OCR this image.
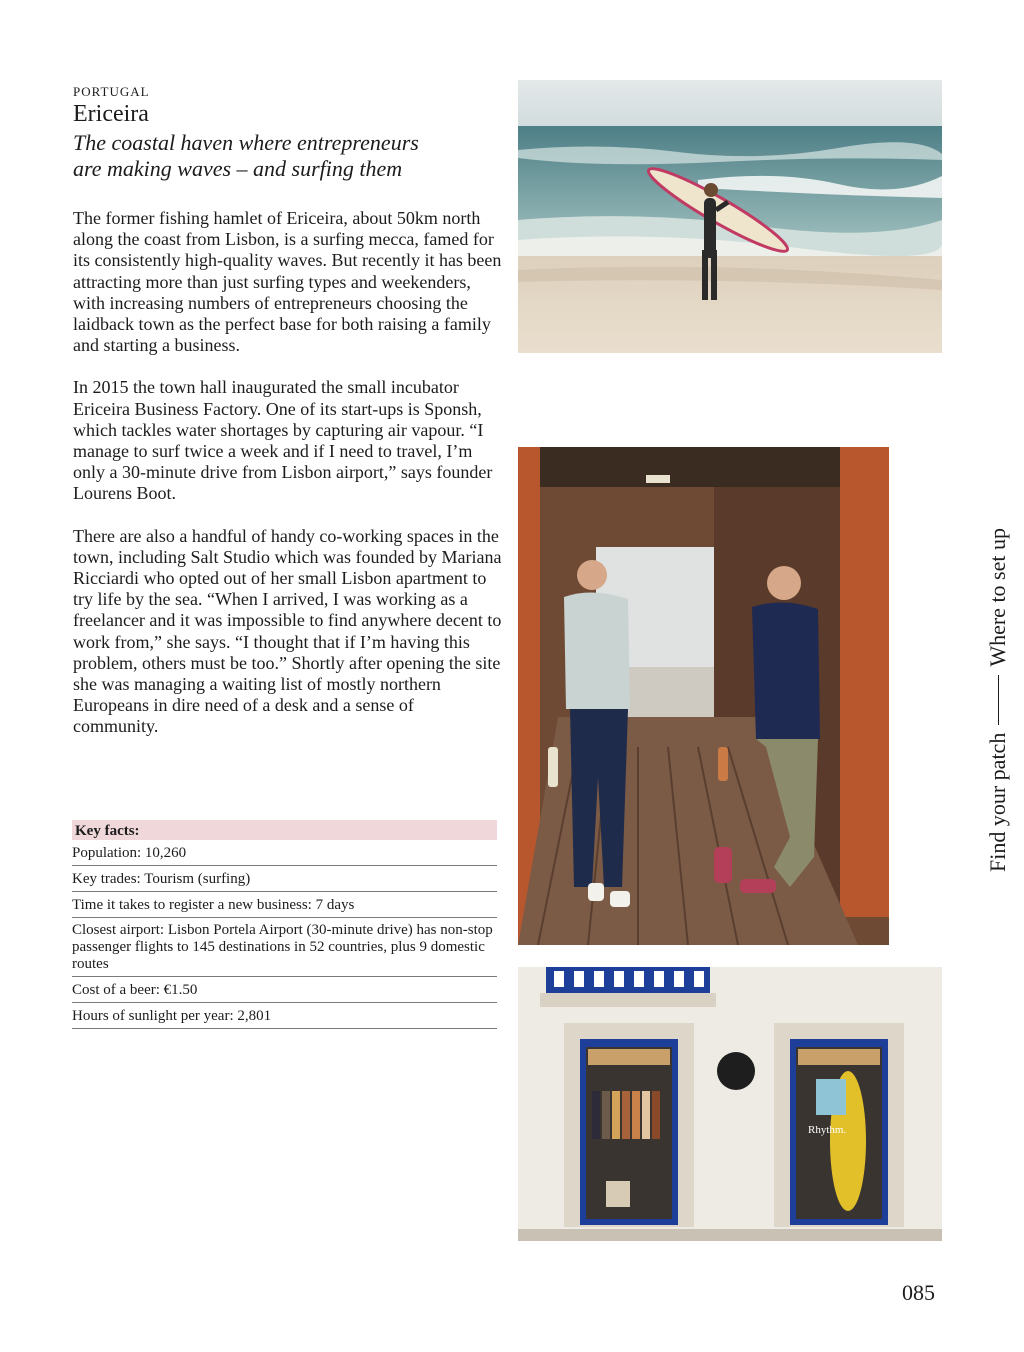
PORTUGAL
Ericeira
The coastal haven where entrepreneurs
are making waves – and surfing them

The former fishing hamlet of Ericeira, about 50km north along the coast from Lisbon, is a surfing mecca, famed for its consistently high-quality waves. But recently it has been attracting more than just surfing types and weekenders, with increasing numbers of entrepreneurs choosing the laidback town as the perfect base for both raising a family and starting a business.

In 2015 the town hall inaugurated the small incubator Ericeira Business Factory. One of its start-ups is Sponsh, which tackles water shortages by capturing air vapour. “I manage to surf twice a week and if I need to travel, I’m only a 30-minute drive from Lisbon airport,” says founder Lourens Boot.

There are also a handful of handy co-working spaces in the town, including Salt Studio which was founded by Mariana Ricciardi who opted out of her small Lisbon apartment to try life by the sea. “When I arrived, I was working as a freelancer and it was impossible to find anywhere decent to work from,” she says. “I thought that if I’m having this problem, others must be too.” Shortly after opening the site she was managing a waiting list of mostly northern Europeans in dire need of a desk and a sense of community.

Key facts:
Population: 10,260
Key trades: Tourism (surfing)
Time it takes to register a new business: 7 days
Closest airport: Lisbon Portela Airport (30-minute drive) has non-stop passenger flights to 145 destinations in 52 countries, plus 9 domestic routes
Cost of a beer: €1.50
Hours of sunlight per year: 2,801
Rhythm.
Find your patch
Where to set up
085
